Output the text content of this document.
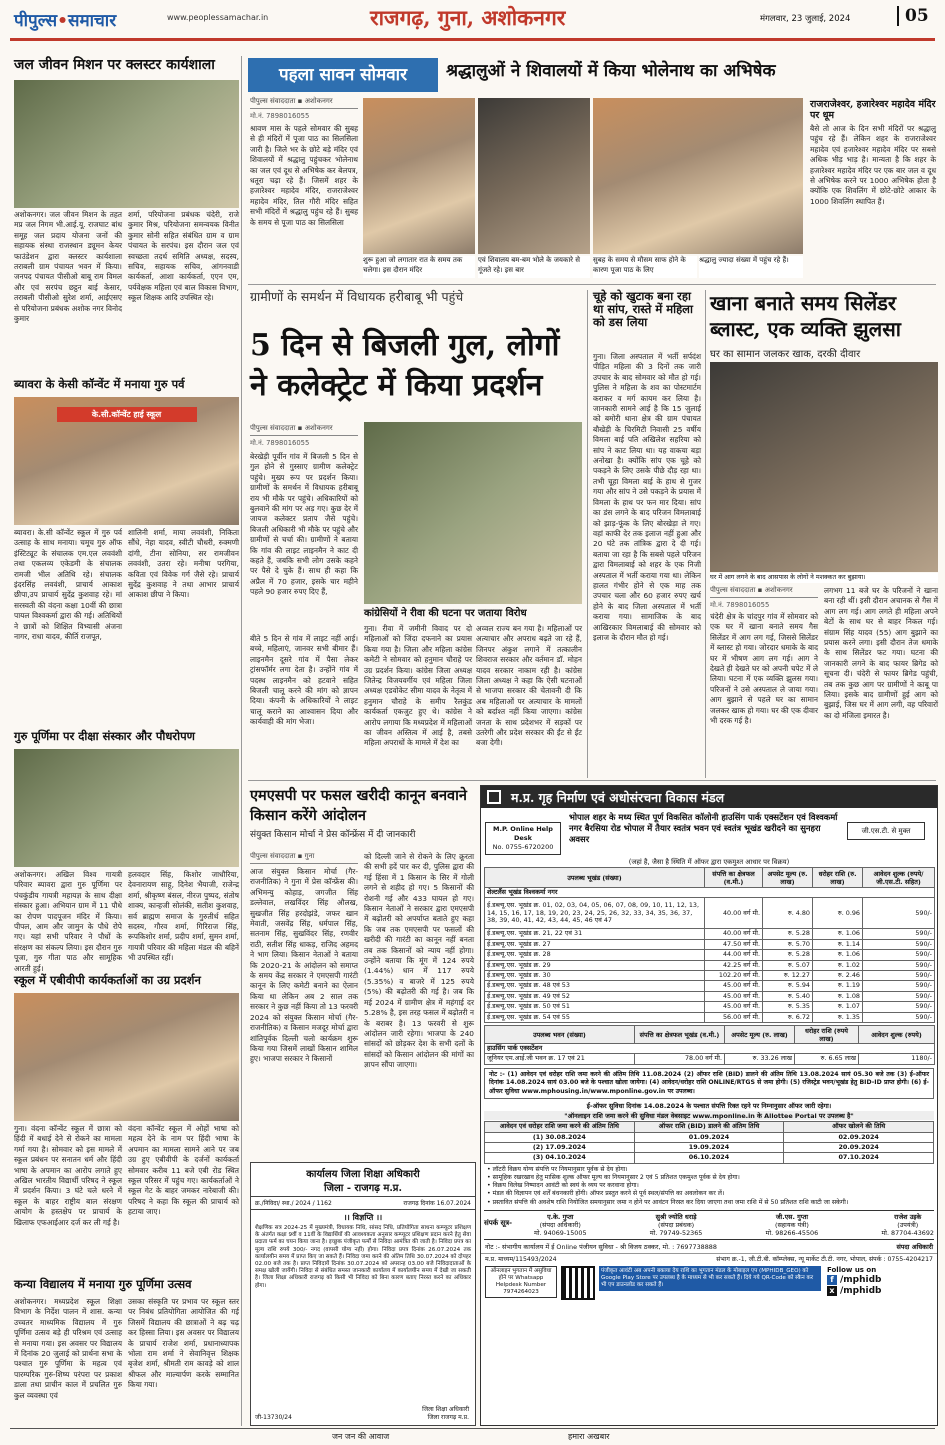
पीपुल्स•समाचार	www.peoplessamachar.in	राजगढ़, गुना, अशोकनगर	मंगलवार, 23 जुलाई, 2024	05
जल जीवन मिशन पर क्लस्टर कार्यशाला
अशोकनगर। जल जीवन मिशन के तहत मप्र जल निगम भी.आई.यू. राजघाट बांध समूह जल प्रदाय योजना जनों की सहायक संस्था राजस्थान ड्यूमन केयर फाउंडेशन द्वारा क्लस्टर कार्यशाला तराबली ग्राम पंचायत भवन में किया। जनपद पंचायत पीसीओ बाबू राम विमल और एवं सरपंच छट्ठन बाई केसार, तराबली पीसीओ सुरेश शर्मा, आईएसए से परियोजना प्रबंधक अशोक नगर विनोद कुमार
शर्मा, परियोजना प्रबंधक चंदेरी, राजे कुमार मिश्र, परियोजना समन्वयक विनीत कुमार सोनी सहित संबंधित ग्राम व ग्राम पंचायत के सरपंच। इस दौरान जल एवं स्वच्छता तदर्थ समिति अध्यक्ष, सदस्य, सचिव, सहायक सचिव, आंगनवाडी कार्यकर्ता, आशा कार्यकर्ता, एएन एम, पर्यवेक्षक महिला एवं बाल विकास विभाग, स्कूल शिक्षक आदि उपस्थित रहे।
ब्यावरा के केसी कॉन्वेंट में मनाया गुरु पर्व
के.सी.कॉन्वेंट हाई स्कूल
ब्यावरा। के.सी कॉन्वेंट स्कूल में गुरु पर्व उत्साह के साथ मनाया। चमूच गुरु ऑफ इंस्टिट्यूट के संचालक एम.एल लववंशी तथा एकलव्य एकेडमी के संचालक रामजी भील अतिथि रहे। संचालक इंदरसिंह लववंशी, प्राचार्य आकाश छीपा,उप प्राचार्य सुदेंद्र कुशवाह रहे। मां सरस्वती की वंदना कक्षा 10वीं की छात्रा पायल विश्वकर्मा द्वारा की गई। अतिथियों ने छात्रों को शिक्षित विभ्यासी अंजना नागर, राधा यादव, कीर्ति राजपूत,
शालिनी शर्मा, माया लववंशी, निकिता सौंधे, नेहा यादव, स्वीटी चौधरी, रुक्मणी दांगी, टीना सोनिया, सर रामजीवन लववंशी, उतरा रहे। मनीषा परगिया, कविता एवं विवेक गर्ग जैसे रहे। प्राचार्य सुदेंद्र कुशवाह ने तथा आभार प्राचार्य आकाश छीपा ने किया।
गुरु पूर्णिमा पर दीक्षा संस्कार और पौधरोपण
अशोकनगर। अखिल विश्व गायत्री परिवार ब्यावरा द्वारा गुरु पूर्णिमा पर पंचकुंडीय गायत्री महायज्ञ के साथ दीक्षा संस्कार हुआ। अभियान ग्राम में 11 पौधे का रोपण पादपूजन मंदिर में किया। पीपल, आम और जामुन के पौधे रोपे गए। यहां सभी परिवार ने पौधों के संरक्षण का संकल्प लिया। इस दौरान गुरु पूजा, गुरु गीता पाठ और सामूहिक आरती हुई।
हलवदार सिंह, किशोर जाधौरिया, देवनारायण साहू, दिनेश भैयाजी, राजेन्द्र शर्मा, श्रीकृष्ण बंसल, नीरज पुष्पद, संतोष शाक्य, कान्हजी सोलंकी, सतीश कुशवाह, सर्व ब्राह्मण समाज के गुरुतीर्थ सहित सदस्य, गौरव शर्मा, गिरिराज सिंह, रूपकिशोर शर्मा, प्रदीप शर्मा, सुमन शर्मा, गायत्री परिवार की महिला मंडल की बहिनें भी उपस्थित रहीं।
स्कूल में एबीवीपी कार्यकर्ताओं का उग्र प्रदर्शन
गुना। वंदना कॉन्वेंट स्कूल में छात्रा को हिंदी में बधाई देने से रोकने का मामला गर्मा गया है। सोमवार को इस मामले में स्कूल प्रबंधन पर सनातन धर्म और हिंदी भाषा के अपमान का आरोप लगाते हुए अखिल भारतीय विद्यार्थी परिषद ने स्कूल में प्रदर्शन किया। 3 घंटे चले धरने में स्कूल के बाहर राष्ट्रीय बाल संरक्षण आयोग के हस्तक्षेप पर प्राचार्य के खिलाफ एफआईआर दर्ज कर ली गई है।
वंदना कॉन्वेंट स्कूल में ओहों भाषा को महत्व देने के नाम पर हिंदी भाषा के अपमान का मामला सामने आने पर जब उग्र हुए एबीवीपी के दर्जनों कार्यकर्ता सोमवार करीब 11 बजे एबी रोड स्थित स्कूल परिसर में पहुंच गए। कार्यकर्ताओं ने स्कूल गेट के बाहर जमकर नारेबाजी की। परिषद ने कहा कि स्कूल की प्राचार्य को हटाया जाए।
कन्या विद्यालय में मनाया गुरु पूर्णिमा उत्सव
अशोकनगर। मध्यप्रदेश स्कूल शिक्षा विभाग के निर्देश पालन में शास. कन्या उच्चतर माध्यमिक विद्यालय में गुरु पूर्णिमा उत्सव बड़े ही परिश्रम एवं उत्साह से मनाया गया। इस अवसर पर विद्यालय में दिनांक 20 जुलाई को प्रार्थना सभा के पश्चात गुरु पूर्णिमा के महत्व एवं पारम्परिक गुरु-शिष्य परंपरा पर प्रकाश डाला तथा प्राचीन काल में प्रचलित गुरु कुल व्यवस्था एवं
उसका संस्कृति पर प्रभाव पर स्कूल स्तर पर निबंध प्रतियोगिता आयोजित की गई जिसमें विद्यालय की छात्राओं ने बढ़ चढ़ कर हिस्सा लिया। इस अवसर पर विद्यालय के प्राचार्य राजेश शर्मा, प्रधानाध्यापक भोला राम शर्मा ने सेवानिवृत्त शिक्षक बृजेश शर्मा, श्रीमती राम कावड़े को शाल श्रीफल और माल्यार्पण करके सम्मानित किया गया।
पहला सावन सोमवार	श्रद्धालुओं ने शिवालयों में किया भोलेनाथ का अभिषेक
पीपुल्स संवाददाता ▪ अशोकनगर
मो.नं. 7898016055
श्रावण मास के पहले सोमवार की सुबह से ही मंदिरों में पूजा पाठ का सिलसिला जारी है। जिले भर के छोटे बड़े मंदिर एवं शिवालयों में श्रद्धालु पहुंचकर भोलेनाथ का जल एवं दूध से अभिषेक कर बेलपत्र, धतूरा चढ़ा रहे हैं। जिसमें शहर के हजारेश्वर महादेव मंदिर, राजराजेश्वर महादेव मंदिर, तिल गौरी मंदिर सहित सभी मंदिरों में श्रद्धालु पहुंच रहे हैं। सुबह के समय से पूजा पाठ का सिलसिला
शुरू हुआ जो लगातार रात के समय तक चलेगा। इस दौरान मंदिर
एवं शिवालय बम-बम भोले के जयकारे से गूंजते रहे। इस बार
सुबह के समय से मौसम साफ होने के कारण पूजा पाठ के लिए
श्रद्धालु ज्यादा संख्या में पहुंच रहे हैं।
राजराजेश्वर, हजारेश्वर महादेव मंदिर पर धूम
बैसे तो आज के दिन सभी मंदिरों पर श्रद्धालु पहुंच रहे हैं। लेकिन शहर के राजराजेश्वर महादेव एवं हजारेश्वर महादेव मंदिर पर सबसे अधिक भीड़ भाड़ है। मान्यता है कि शहर के हजारेश्वर महादेव मंदिर पर एक बार जल व दूध से अभिषेक करने पर 1000 अभिषेक होता है क्योंकि एक शिवलिंग में छोटे-छोटे आकार के 1000 शिवलिंग स्थापित हैं।
ग्रामीणों के समर्थन में विधायक हरीबाबू भी पहुंचे
5 दिन से बिजली गुल, लोगों ने कलेक्ट्रेट में किया प्रदर्शन
पीपुल्स संवाददाता ▪ अशोकनगर
मो.नं. 7898016055
बेरखेड़ी पूर्वीन गांव में बिजली 5 दिन से गुल होने से गुस्साए ग्रामीण कलेक्ट्रेट पहुंचे। मुख्य रूप पर प्रदर्शन किया। ग्रामीणों के समर्थन में विधायक हरीबाबू राय भी मौके पर पहुंचे। अधिकारियों को बुलवाने की मांग पर अड़ गए। कुछ देर में जायज कलेक्टर प्रताप जैसे पहुंचे। बिजली अधिकारी भी मौके पर पहुंचे और ग्रामीणों से चर्चा की। ग्रामीणों ने बताया कि गांव की लाइट लाइनमैन ने काट दी कहते हैं, जबकि सभी लोग उसके कहने पर पैसे दे चुके हैं। साथ ही कहा कि अप्रैल में 70 हजार, इसके चार महीने पहले 90 हजार रुपए दिए हैं,
बीते 5 दिन से गांव में लाइट नहीं आई। बच्चे, महिलाएं, जानवर सभी बीमार हैं। लाइनमैन दूसरे गांव में पैसा लेकर ट्रांसफॉर्मर लगा देता है। उन्होंने गांव में पदस्थ लाइनमैन को हटवाने सहित बिजली चालू करने की मांग को ज्ञापन दिया। कंपनी के अधिकारियों ने लाइट चालू कराने का आश्वासन दिया और कार्यवाही की मांग भेजा।
कांग्रेसियों ने रीवा की घटना पर जताया विरोध
गुना। रीवा में जमीनी विवाद पर दो महिलाओं को जिंदा दफनाने का प्रयास किया गया है। जिला और महिला कांग्रेस कमेटी ने सोमवार को हनुमान चौराहे पर उग्र प्रदर्शन किया। कांग्रेस जिला अध्यक्ष जितेन्द्र विजयवर्गीय एवं महिला जिला अध्यक्ष एडवोकेट सीमा यादव के नेतृत्व में हनुमान चौराहे के समीप रैलकुंड कार्यकर्ता एकजुट हुए थे। कांग्रेस ने आरोप लगाया कि मध्यप्रदेश में महिलाओं का जीवन अस्तित्व में आई है, तबसे महिला अपराधों के मामले में देश का
अव्वल राज्य बन गया है। महिलाओं पर अत्याचार और अपराध बढ़ते जा रहे हैं, जिनपर अंकुश लगाने में तत्कालीन शिवराज सरकार और वर्तमान डॉ. मोहन यादव सरकार नाकाम रही है। कांग्रेस जिला अध्यक्ष ने कहा कि ऐसी घटनाओं से भाजपा सरकार की चेतावनी दी कि अब महिलाओं पर अत्याचार के मामलों को बर्दाश्त नहीं किया जाएगा। कांग्रेस जनता के साथ प्रदेशभर में सड़कों पर उतरेगी और प्रदेश सरकार की ईंट से ईंट बजा देगी।
चूहे को खुटाक बना रहा था सांप, रास्ते में महिला को डस लिया
गुना। जिला अस्पताल में भर्ती सर्पदंश पीड़ित महिला की 3 दिनों तक जारी उपचार के बाद सोमवार को मौत हो गई। पुलिस ने महिला के शव का पोस्टमार्टम कराकर व मर्ग कायम कर लिया है। जानकारी सामने आई है कि 15 जुलाई को बमोरी थाना क्षेत्र की ग्राम पंचायत बौखेड़ी के चिरमिटी निवासी 25 वर्षीय विमला बाई पति अखिलेश सहरिया को सांप ने काट लिया था। यह वाकया बड़ा अनोखा है। क्योंकि सांप एक चूहे को पकड़ने के लिए उसके पीछे दौड़ रहा था। तभी चूहा विमला बाई के हाथ से गुजर गया और सांप ने उसे पकड़ने के प्रयास में विमला के हाथ पर फन मार दिया। सांप का डंस लगने के बाद परिजन विमलाबाई को झाड़-फूंक के लिए बोरखेड़ा ले गए। वहां काफी देर तक इलाज नहीं हुआ और 20 घंटे तक तांत्रिक द्वारा दे दी गई। बताया जा रहा है कि सबसे पहले परिजन द्वारा विमलाबाई को शहर के एक निजी अस्पताल में भर्ती कराया गया था। लेकिन हालत गंभीर होने से एक माह तक उपचार चला और 60 हजार रुपए खर्च होने के बाद जिला अस्पताल में भर्ती कराया गया। सामाजिक के बाद आखिरकार विमलाबाई की सोमवार को इलाज के दौरान मौत हो गई।
खाना बनाते समय सिलेंडर ब्लास्ट, एक व्यक्ति झुलसा
घर का सामान जलकर खाक, दरकी दीवार
घर में आग लगने के बाद आसपास के लोगों ने मशक्कत कर बुझाया।
पीपुल्स संवाददाता ▪ अशोकनगर
मो.नं. 7898016055
चंदेरी क्षेत्र के चांदपुर गांव में सोमवार को एक घर में खाना बनाते समय गैस सिलेंडर में आग लग गई, जिससे सिलेंडर में ब्लास्ट हो गया। जोरदार धमाके के बाद घर में भीषण आग लग गई। आग ने देखते ही देखते घर को अपनी चपेट में ले लिया। घटना में एक व्यक्ति झुलस गया। परिजनों ने उसे अस्पताल ले जाया गया। आग बुझाने से पहले घर का सामान जलकर खाक हो गया। घर की एक दीवार भी दरक गई है।
लगभग 11 बजे घर के परिजनों ने खाना बना रही थीं। इसी दौरान अचानक से गैस में आग लग गई। आग लगते ही महिला अपने बेटों के साथ घर से बाहर निकल गई। संग्राम सिंह यादव (55) आग बुझाने का प्रयास करने लगा। इसी दौरान तेज धमाके के साथ सिलेंडर फट गया। घटना की जानकारी लगने के बाद फायर ब्रिगेड को सूचना दी। चंदेरी से फायर ब्रिगेड पहुंची, तब तक कुछ आग पर ग्रामीणों ने काबू पा लिया। इसके बाद ग्रामीणों हुई आग को बुझाई, जिस घर में आग लगी, वह परिवारों का दो मंजिला इमारत है।
एमएसपी पर फसल खरीदी कानून बनवाने किसान करेंगे आंदोलन
संयुक्त किसान मोर्चा ने प्रेस कॉन्फ्रेंस में दी जानकारी
पीपुल्स संवाददाता ▪ गुना
आज संयुक्त किसान मोर्चा (गैर-राजनीतिक) ने गुना में प्रेस कॉन्फ्रेंस की। अभिमन्यु कोहाड़, जगजीत सिंह डल्लेवाल, लखविंदर सिंह औलख, सुखजीत सिंह हरदोझंडे, जफर खान मेवाती, जसवेंद्र सिंह, धर्मपाल सिंह, सतनाम सिंह, सुखविंदर सिंह, रणवीर राठी, सतीश सिंह धाकड़, राजिद अहमद ने भाग लिया। किसान नेताओं ने बताया कि 2020-21 के आंदोलन को समाप्त के समय केंद्र सरकार ने एमएसपी गारंटी कानून के लिए कमेटी बनाने का ऐलान किया था लेकिन अब 2 साल तक सरकार ने कुछ नहीं किया तो 13 फरवरी 2024 को संयुक्त किसान मोर्चा (गैर-राजनीतिक) व किसान मजदूर मोर्चा द्वारा शांतिपूर्वक दिल्ली चलो कार्यक्रम शुरू किया गया जिसमें लाखों किसान शामिल हुए। भाजपा सरकार ने किसानों
को दिल्ली जाने से रोकने के लिए क्रूरता की सभी हदें पार कर दी, पुलिस द्वारा की गई हिंसा में 1 किसान के सिर में गोली लगने से शहीद हो गए। 5 किसानों की रोशनी गई और 433 घायल हो गए। किसान नेताओं ने सरकार द्वारा एमएसपी में बढ़ोतरी को अपर्याप्त बताते हुए कहा कि जब तक एमएसपी पर फसलों की खरीदी की गारंटी का कानून नहीं बनता तब तक किसानों को न्याय नहीं होगा। उन्होंने बताया कि मूंग में 124 रुपये (1.44%) धान में 117 रुपये (5.35%) व बाजरे में 125 रुपये (5%) की बढ़ोतरी की गई है। जब कि मई 2024 में ग्रामीण क्षेत्र में महंगाई दर 5.28% है, इस तरह फसल में बढ़ोतरी न के बराबर है। 13 फरवरी से शुरू आंदोलन जारी रहेगा। भाजपा के 240 सांसदों को छोड़कर देश के सभी दलों के सांसदों को किसान आंदोलन की मांगों का ज्ञापन सौंपा जाएगा।
कार्यालय जिला शिक्षा अधिकारी
जिला - राजगढ़ म.प्र.
क्र./निविदा/ स्था./ 2024 / 1162	राजगढ़ दिनांक 16.07.2024
।। विज्ञप्ति ।।
शैक्षणिक सत्र 2024-25 में मुख्यमंत्री, विधायक निधि, सांसद निधि, प्रतियोगिता साधना कम्प्यूटर प्रशिक्षण के अंतर्गत कक्षा 9वीं व 11वीं के विद्यार्थियों की आवश्यकता अनुसार कम्प्यूटर प्रशिक्षण प्रदान करने हेतु सेवा प्रदाता फर्म का चयन किया जाना है। इच्छुक पंजीकृत फर्मों से निविदा आमंत्रित की जाती है। निविदा प्रपत्र का मूल्य राशि रुपये 300/- नगद (वापसी योग्य नहीं) होगा। निविदा प्रपत्र दिनांक 26.07.2024 तक कार्यालयीन समय में प्राप्त किए जा सकते हैं। निविदा जमा करने की अंतिम तिथि 30.07.2024 को दोपहर 02.00 बजे तक है। प्राप्त निविदायें दिनांक 30.07.2024 को अपरान्ह 03.00 बजे निविदादाताओं के समक्ष खोली जायेंगी। निविदा से संबंधित समस्त जानकारी कार्यालय में कार्यालयीन समय में देखी जा सकती है। जिला शिक्षा अधिकारी राजगढ़ को किसी भी निविदा को बिना कारण बताए निरस्त करने का अधिकार होगा।
जी-13730/24
जिला शिक्षा अधिकारी
जिला राजगढ़ म.प्र.
म.प्र. गृह निर्माण एवं अधोसंरचना विकास मंडल
M.P. Online Help Desk
No. 0755-6720200
भोपाल शहर के मध्य स्थित पूर्ण विकसित कॉलोनी हाउसिंग पार्क एक्सटेंशन एवं विश्वकर्मा नगर बैरसिया रोड भोपाल में तैयार स्वतंत्र भवन एवं स्वतंत्र भूखंड खरीदने का सुनहरा अवसर
जी.एस.टी. से मुक्त
(जहां है, जैसा है स्थिति में ऑफर द्वारा एकमुश्त आधार पर विक्रय)
उपलब्ध भूखंड (संख्या)	संपत्ति का क्षेत्रफल (व.मी.)	अपसेट मूल्य (रु. लाख)	धरोहर राशि (रु. लाख)	आवेदन शुल्क (रुपये/जी.एस.टी. सहित)
शेल्टर्लैस भूखंड विश्वकर्मा नगर				
ई.डब्ल्यू.एस. भूखंड क्र. 01, 02, 03, 04, 05, 06, 07, 08, 09, 10, 11, 12, 13, 14, 15, 16, 17, 18, 19, 20, 23, 24, 25, 26, 32, 33, 34, 35, 36, 37, 38, 39, 40, 41, 42, 43, 44, 45, 46 एवं 47	40.00 वर्ग मी.	रु. 4.80	रु. 0.96	590/-
ई.डब्ल्यू.एस. भूखंड क्र. 21, 22 एवं 31	40.00 वर्ग मी.	रु. 5.28	रु. 1.06	590/-
ई.डब्ल्यू.एस. भूखंड क्र. 27	47.50 वर्ग मी.	रु. 5.70	रु. 1.14	590/-
ई.डब्ल्यू.एस. भूखंड क्र. 28	44.00 वर्ग मी.	रु. 5.28	रु. 1.06	590/-
ई.डब्ल्यू.एस. भूखंड क्र. 29	42.25 वर्ग मी.	रु. 5.07	रु. 1.02	590/-
ई.डब्ल्यू.एस. भूखंड क्र. 30	102.20 वर्ग मी.	रु. 12.27	रु. 2.46	590/-
ई.डब्ल्यू.एस. भूखंड क्र. 48 एवं 53	45.00 वर्ग मी.	रु. 5.94	रु. 1.19	590/-
ई.डब्ल्यू.एस. भूखंड क्र. 49 एवं 52	45.00 वर्ग मी.	रु. 5.40	रु. 1.08	590/-
ई.डब्ल्यू.एस. भूखंड क्र. 50 एवं 51	45.00 वर्ग मी.	रु. 5.35	रु. 1.07	590/-
ई.डब्ल्यू.एस. भूखंड क्र. 54 एवं 55	56.00 वर्ग मी.	रु. 6.72	रु. 1.35	590/-
उपलब्ध भवन (संख्या)	संपत्ति का क्षेत्रफल भूखंड (व.मी.)	अपसेट मूल्य (रु. लाख)	धरोहर राशि (रुपये लाख)	आवेदन शुल्क (रुपये)
हाउसिंग पार्क एक्सटेंशन				
जूनियर एम.आई.जी भवन क्र. 17 एवं 21	78.00 वर्ग मी.	रु. 33.26 लाख	रु. 6.65 लाख	1180/-
नोट :- (1) आवेदन एवं धरोहर राशि जमा करने की अंतिम तिथि 11.08.2024 (2) ऑफर राशि (BID) डालने की अंतिम तिथि 13.08.2024 सायं 05.30 बजे तक (3) ई-ऑफर दिनांक 14.08.2024 सायं 03.00 बजे के पश्चात खोला जायेगा। (4) आवेदन/धरोहर राशि ONLINE/RTGS से जमा होगी। (5) रजिस्ट्रेड भवन/भूखंड हेतु BID-ID प्राप्त होगी। (6) ई-ऑफर सुविधा www.mphousing.in/www.mponline.gov.in पर उपलब्ध।
ई-ऑफर सुविधा दिनांक 14.08.2024 के पश्चात संपत्ति रिक्त रहने पर निम्नानुसार ऑफर जारी रहेगा।
"ऑनलाइन राशि जमा करने की सुविधा मंडल वेबसाइट www.mponline.in के Allottee Portal पर उपलब्ध है"
आवेदन एवं धरोहर राशि जमा करने की अंतिम तिथि	ऑफर राशि (BID) डालने की अंतिम तिथि	ऑफर खोलने की तिथि
(1) 30.08.2024	01.09.2024	02.09.2024
(2) 17.09.2024	19.09.2024	20.09.2024
(3) 04.10.2024	06.10.2024	07.10.2024
• लॉटरी विक्रय योग्य संपत्ति पर नियमानुसार पूर्वक से देय होगा।
• सामूहिक रखरखाव हेतु मासिक शुल्क ऑफर मूल्य का नियमानुसार 2 एवं 5 प्रतिशत एकमुश्त पूर्वक से देय होगा।
• विक्रय विलेख निष्पादन आवंटी को स्वयं के व्यय पर करवाना होगा।
• मंडल की विज्ञापन एवं शर्तें बंधनकारी होंगी। ऑफर प्रस्तुत करने से पूर्व स्थल/संपत्ति का अवलोकन कर लें।
• प्रस्तावित संपत्ति की अवशेष राशि नियोजित समयानुसार जमा न होने पर आवंटन निरस्त कर दिया जाएगा तथा जमा राशि में से 50 प्रतिशत राशि काटी जा सकेगी।
संपर्क सूत्र-
ए.के. गुप्ता
(संपदा अधिकारी)
मो. 94069-15005
सुश्री ज्योति धराड़े
(संपदा प्रबंधक)
मो. 79749-52365
जी.एस. गुप्ता
(सहायक यंत्री)
मो. 98266-45506
राजेश उइके
(उपयंत्री)
मो. 87704-43692
नोट :- संभागीय कार्यालय में ई Online पंजीयन सुविधा - श्री विजय ठक्कर, मो. : 7697738888	संपदा अधिकारी
म.प्र. माध्यम/115493/2024	संभाग क्र.-1, जी.टी.बी. कॉम्प्लेक्स, न्यू मार्केट टी.टी. नगर, भोपाल, संपर्क : 0755-4204217
ऑनलाइन भुगतान में असुविधा होने पर Whatsapp Helpdesk Number 7974264023
पंजीकृत आवंटी अब अपनी बकाया देय राशि का भुगतान मंडल के मोबाइल एप (MPHIDB_GEO) को Google Play Store पर उपलब्ध है के माध्यम से भी कर सकते हैं। दिये गये QR-Code को स्कैन कर भी एप डाउनलोड कर सकते हैं।
Follow us on
f /mphidb
x /mphidb
जन जन की आवाज	हमारा अखबार
